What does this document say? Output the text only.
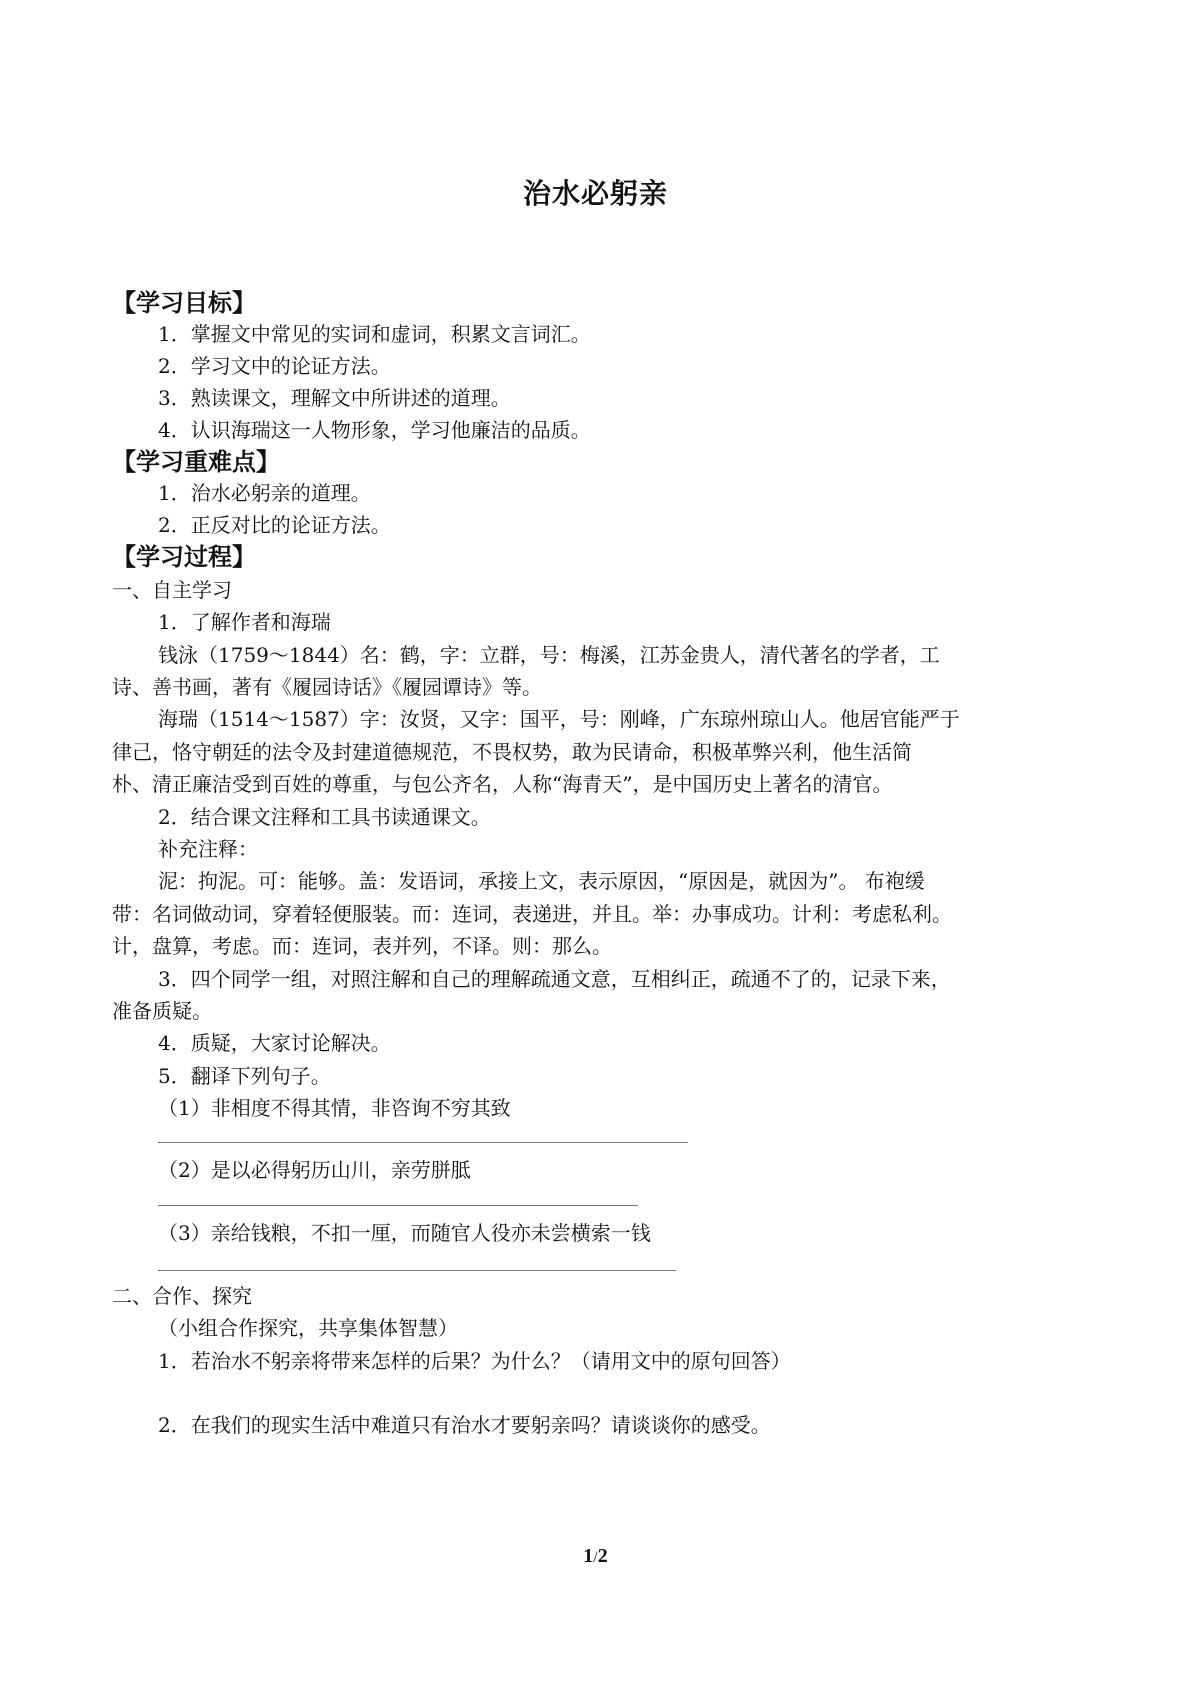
治水必躬亲
【学习目标】
1．掌握文中常见的实词和虚词，积累文言词汇。
2．学习文中的论证方法。
3．熟读课文，理解文中所讲述的道理。
4．认识海瑞这一人物形象，学习他廉洁的品质。
【学习重难点】
1．治水必躬亲的道理。
2．正反对比的论证方法。
【学习过程】
一、自主学习
1．了解作者和海瑞
钱泳（1759～1844）名：鹤，字：立群，号：梅溪，江苏金贵人，清代著名的学者，工
诗、善书画，著有《履园诗话》《履园谭诗》等。
海瑞（1514～1587）字：汝贤，又字：国平，号：刚峰，广东琼州琼山人。他居官能严于
律己，恪守朝廷的法令及封建道德规范，不畏权势，敢为民请命，积极革弊兴利，他生活简
朴、清正廉洁受到百姓的尊重，与包公齐名，人称“海青天”，是中国历史上著名的清官。
2．结合课文注释和工具书读通课文。
补充注释：
泥：拘泥。可：能够。盖：发语词，承接上文，表示原因，“原因是，就因为”。 布袍缓
带：名词做动词，穿着轻便服装。而：连词，表递进，并且。举：办事成功。计利：考虑私利。
计，盘算，考虑。而：连词，表并列，不译。则：那么。
3．四个同学一组，对照注解和自己的理解疏通文意，互相纠正，疏通不了的，记录下来，
准备质疑。
4．质疑，大家讨论解决。
5．翻译下列句子。
（1）非相度不得其情，非咨询不穷其致
（2）是以必得躬历山川，亲劳胼胝
（3）亲给钱粮，不扣一厘，而随官人役亦未尝横索一钱
二、合作、探究
（小组合作探究，共享集体智慧）
1．若治水不躬亲将带来怎样的后果？为什么？（请用文中的原句回答）
2．在我们的现实生活中难道只有治水才要躬亲吗？请谈谈你的感受。
1/2
